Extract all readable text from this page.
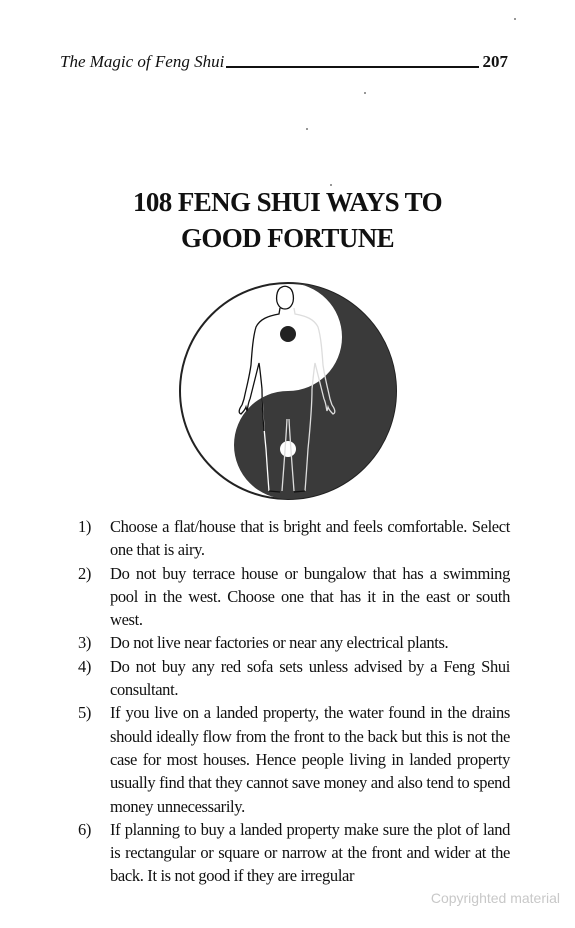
The Magic of Feng Shui	207
108 FENG SHUI WAYS TO
GOOD FORTUNE
1)	Choose a flat/house that is bright and feels comfortable. Select one that is airy.
2)	Do not buy terrace house or bungalow that has a swimming pool in the west. Choose one that has it in the east or south west.
3)	Do not live near factories or near any electrical plants.
4)	Do not buy any red sofa sets unless advised by a Feng Shui consultant.
5)	If you live on a landed property, the water found in the drains should ideally flow from the front to the back but this is not the case for most houses. Hence people living in landed property usually find that they cannot save money and also tend to spend money unnecessarily.
6)	If planning to buy a landed property make sure the plot of land is rectangular or square or narrow at the front and wider at the back. It is not good if they are irregular
Copyrighted material
